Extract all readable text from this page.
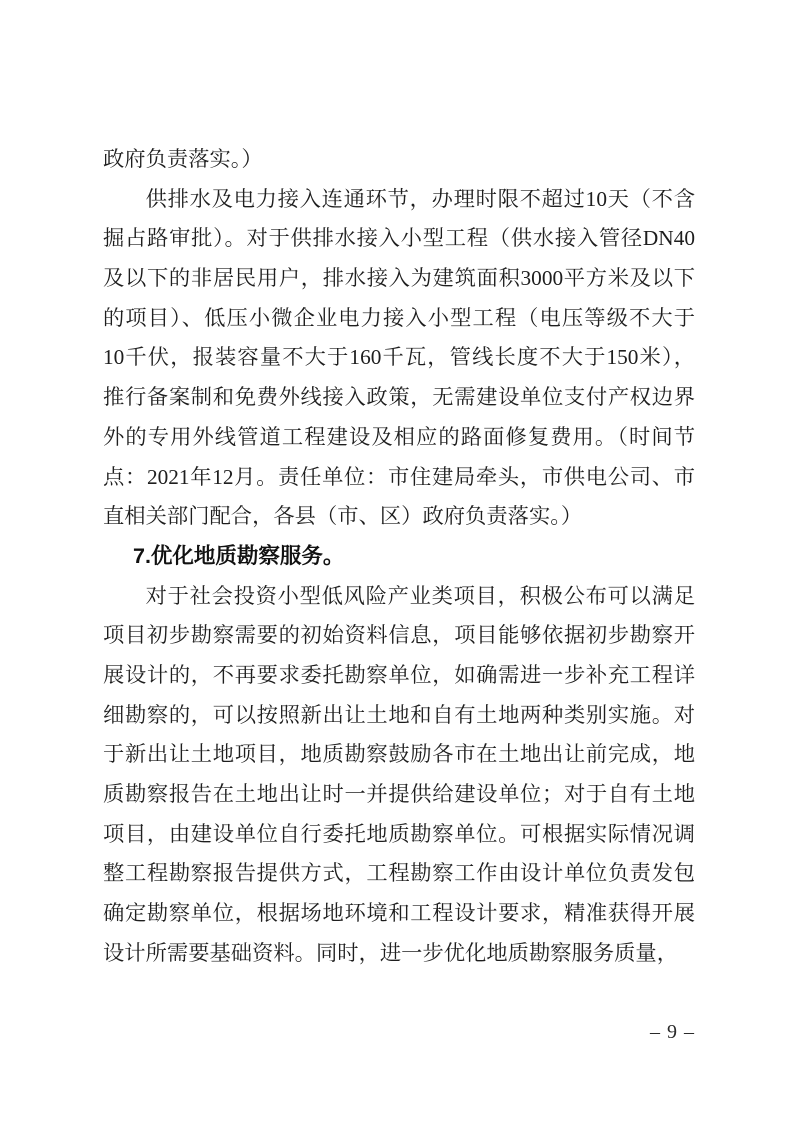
政府负责落实。）

供排水及电力接入连通环节，办理时限不超过10天（不含

掘占路审批）。对于供排水接入小型工程（供水接入管径DN40

及以下的非居民用户，排水接入为建筑面积3000平方米及以下

的项目）、低压小微企业电力接入小型工程（电压等级不大于

10千伏，报装容量不大于160千瓦，管线长度不大于150米），

推行备案制和免费外线接入政策，无需建设单位支付产权边界

外的专用外线管道工程建设及相应的路面修复费用。（时间节

点：2021年12月。责任单位：市住建局牵头，市供电公司、市

直相关部门配合，各县（市、区）政府负责落实。）

7.优化地质勘察服务。

对于社会投资小型低风险产业类项目，积极公布可以满足

项目初步勘察需要的初始资料信息，项目能够依据初步勘察开

展设计的，不再要求委托勘察单位，如确需进一步补充工程详

细勘察的，可以按照新出让土地和自有土地两种类别实施。对

于新出让土地项目，地质勘察鼓励各市在土地出让前完成，地

质勘察报告在土地出让时一并提供给建设单位；对于自有土地

项目，由建设单位自行委托地质勘察单位。可根据实际情况调

整工程勘察报告提供方式，工程勘察工作由设计单位负责发包

确定勘察单位，根据场地环境和工程设计要求，精准获得开展

设计所需要基础资料。同时，进一步优化地质勘察服务质量，

– 9 –
